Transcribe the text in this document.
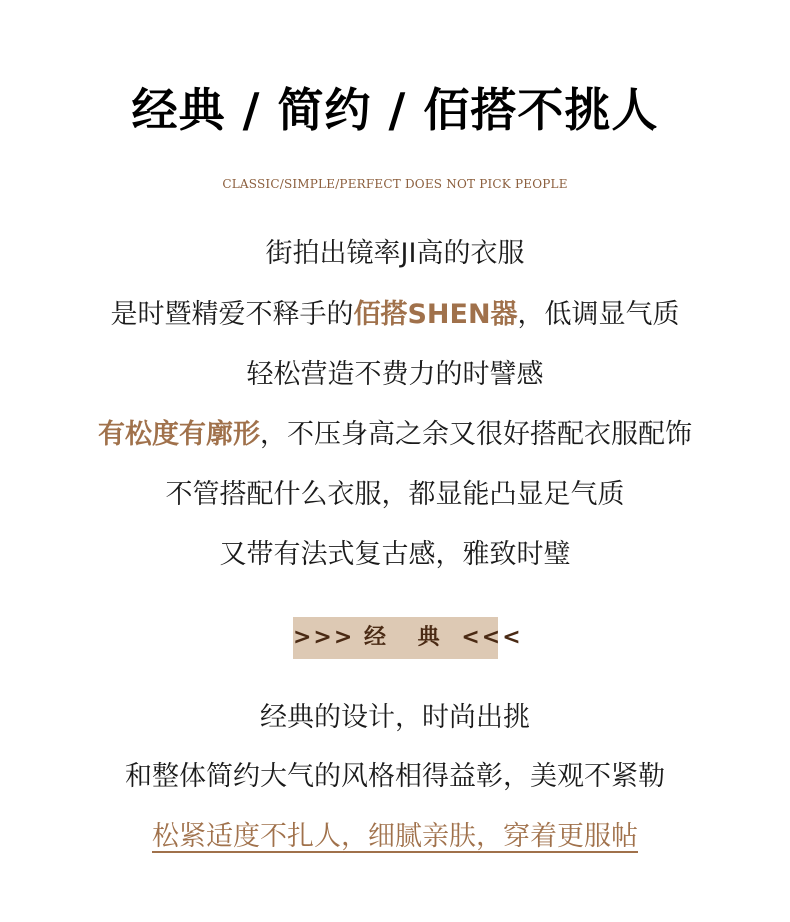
经典 / 简约 / 佰搭不挑人
CLASSIC/SIMPLE/PERFECT DOES NOT PICK PEOPLE
街拍出镜率JI高的衣服
是时暨精爱不释手的佰搭SHEN器，低调显气质
轻松营造不费力的时譬感
有松度有廓形，不压身高之余又很好搭配衣服配饰
不管搭配什么衣服，都显能凸显足气质
又带有法式复古感，雅致时璧
>>> 经 典 <<<
经典的设计，时尚出挑
和整体简约大气的风格相得益彰，美观不紧勒
松紧适度不扎人，细腻亲肤，穿着更服帖
